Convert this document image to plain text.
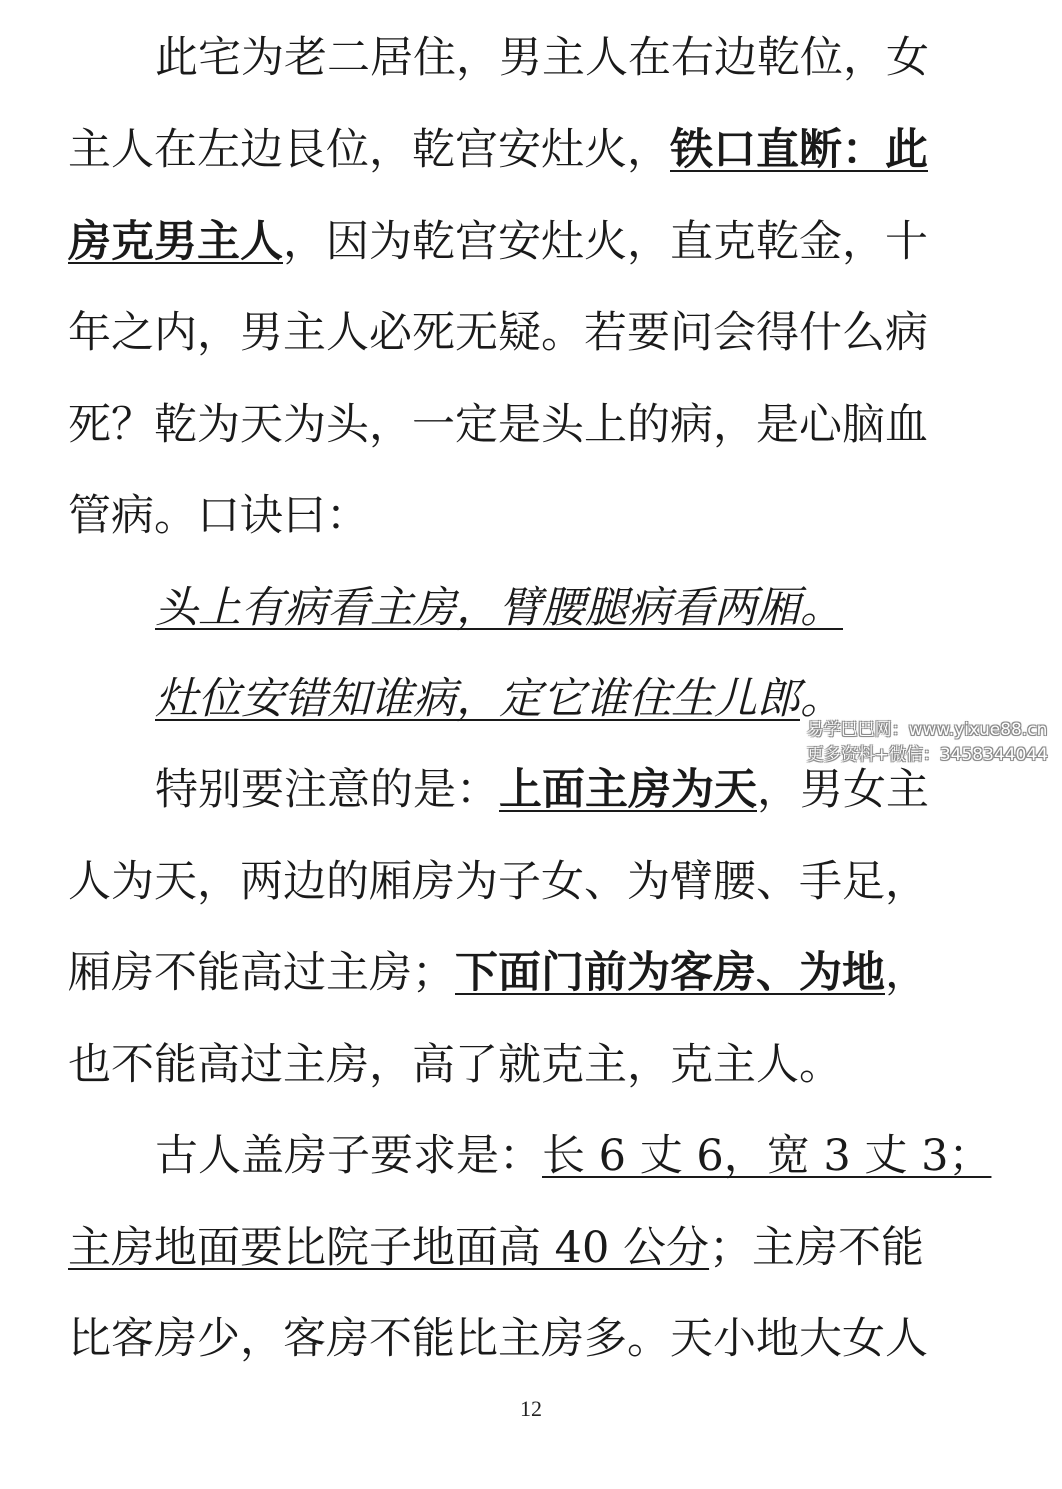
此宅为老二居住，男主人在右边乾位，女
主人在左边艮位，乾宫安灶火，铁口直断：此
房克男主人，因为乾宫安灶火，直克乾金，十
年之内，男主人必死无疑。若要问会得什么病
死？乾为天为头，一定是头上的病，是心脑血
管病。口诀曰：
头上有病看主房，臂腰腿病看两厢。
灶位安错知谁病，定它谁住生儿郎。
特别要注意的是：上面主房为天，男女主
人为天，两边的厢房为子女、为臂腰、手足，
厢房不能高过主房；下面门前为客房、为地，
也不能高过主房，高了就克主，克主人。
古人盖房子要求是：长 6 丈 6，宽 3 丈 3；
主房地面要比院子地面高 40 公分；主房不能
比客房少，客房不能比主房多。天小地大女人
易学巴巴网：www.yixue88.cn
更多资料+微信：3458344044
12
